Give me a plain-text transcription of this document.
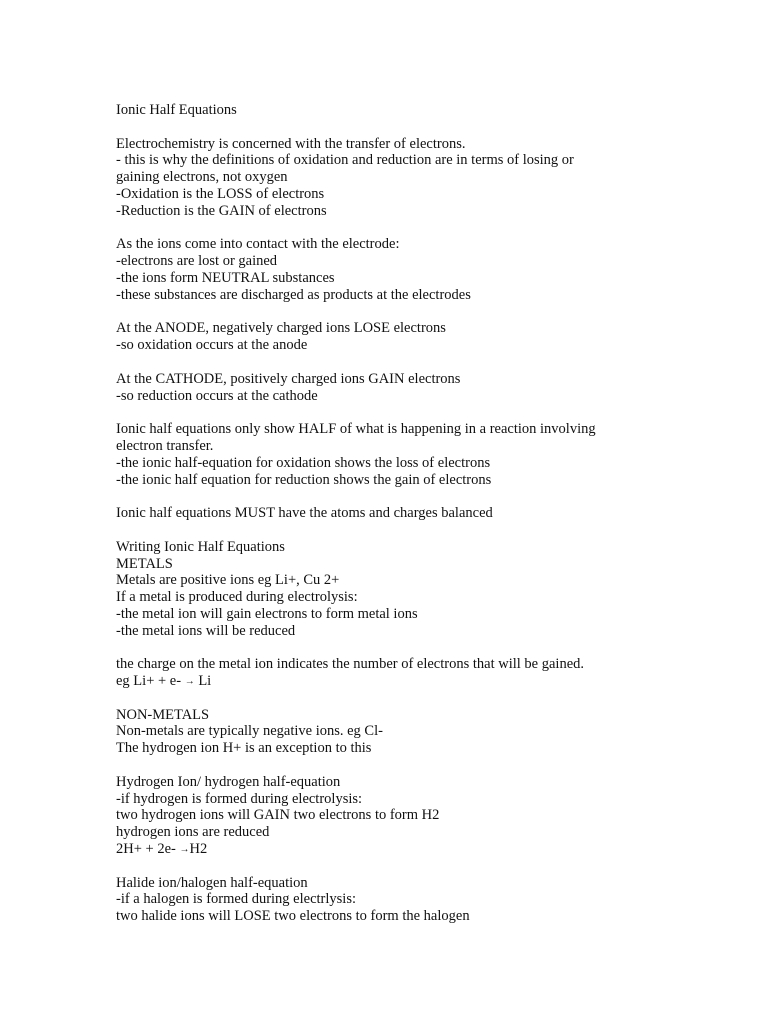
Ionic Half Equations
Electrochemistry is concerned with the transfer of electrons.
- this is why the definitions of oxidation and reduction are in terms of losing or
gaining electrons, not oxygen
-Oxidation is the LOSS of electrons
-Reduction is the GAIN of electrons
As the ions come into contact with the electrode:
-electrons are lost or gained
-the ions form NEUTRAL substances
-these substances are discharged as products at the electrodes
At the ANODE, negatively charged ions LOSE electrons
-so oxidation occurs at the anode
At the CATHODE, positively charged ions GAIN electrons
-so reduction occurs at the cathode
Ionic half equations only show HALF of what is happening in a reaction involving
electron transfer.
-the ionic half-equation for oxidation shows the loss of electrons
-the ionic half equation for reduction shows the gain of electrons
Ionic half equations MUST have the atoms and charges balanced
Writing Ionic Half Equations
METALS
Metals are positive ions eg Li+, Cu 2+
If a metal is produced during electrolysis:
-the metal ion will gain electrons to form metal ions
-the metal ions will be reduced
the charge on the metal ion indicates the number of electrons that will be gained.
eg Li+ + e- → Li
NON-METALS
Non-metals are typically negative ions. eg Cl-
The hydrogen ion H+ is an exception to this
Hydrogen Ion/ hydrogen half-equation
-if hydrogen is formed during electrolysis:
two hydrogen ions will GAIN two electrons to form H2
hydrogen ions are reduced
2H+ + 2e- →H2
Halide ion/halogen half-equation
-if a halogen is formed during electrlysis:
two halide ions will LOSE two electrons to form the halogen
